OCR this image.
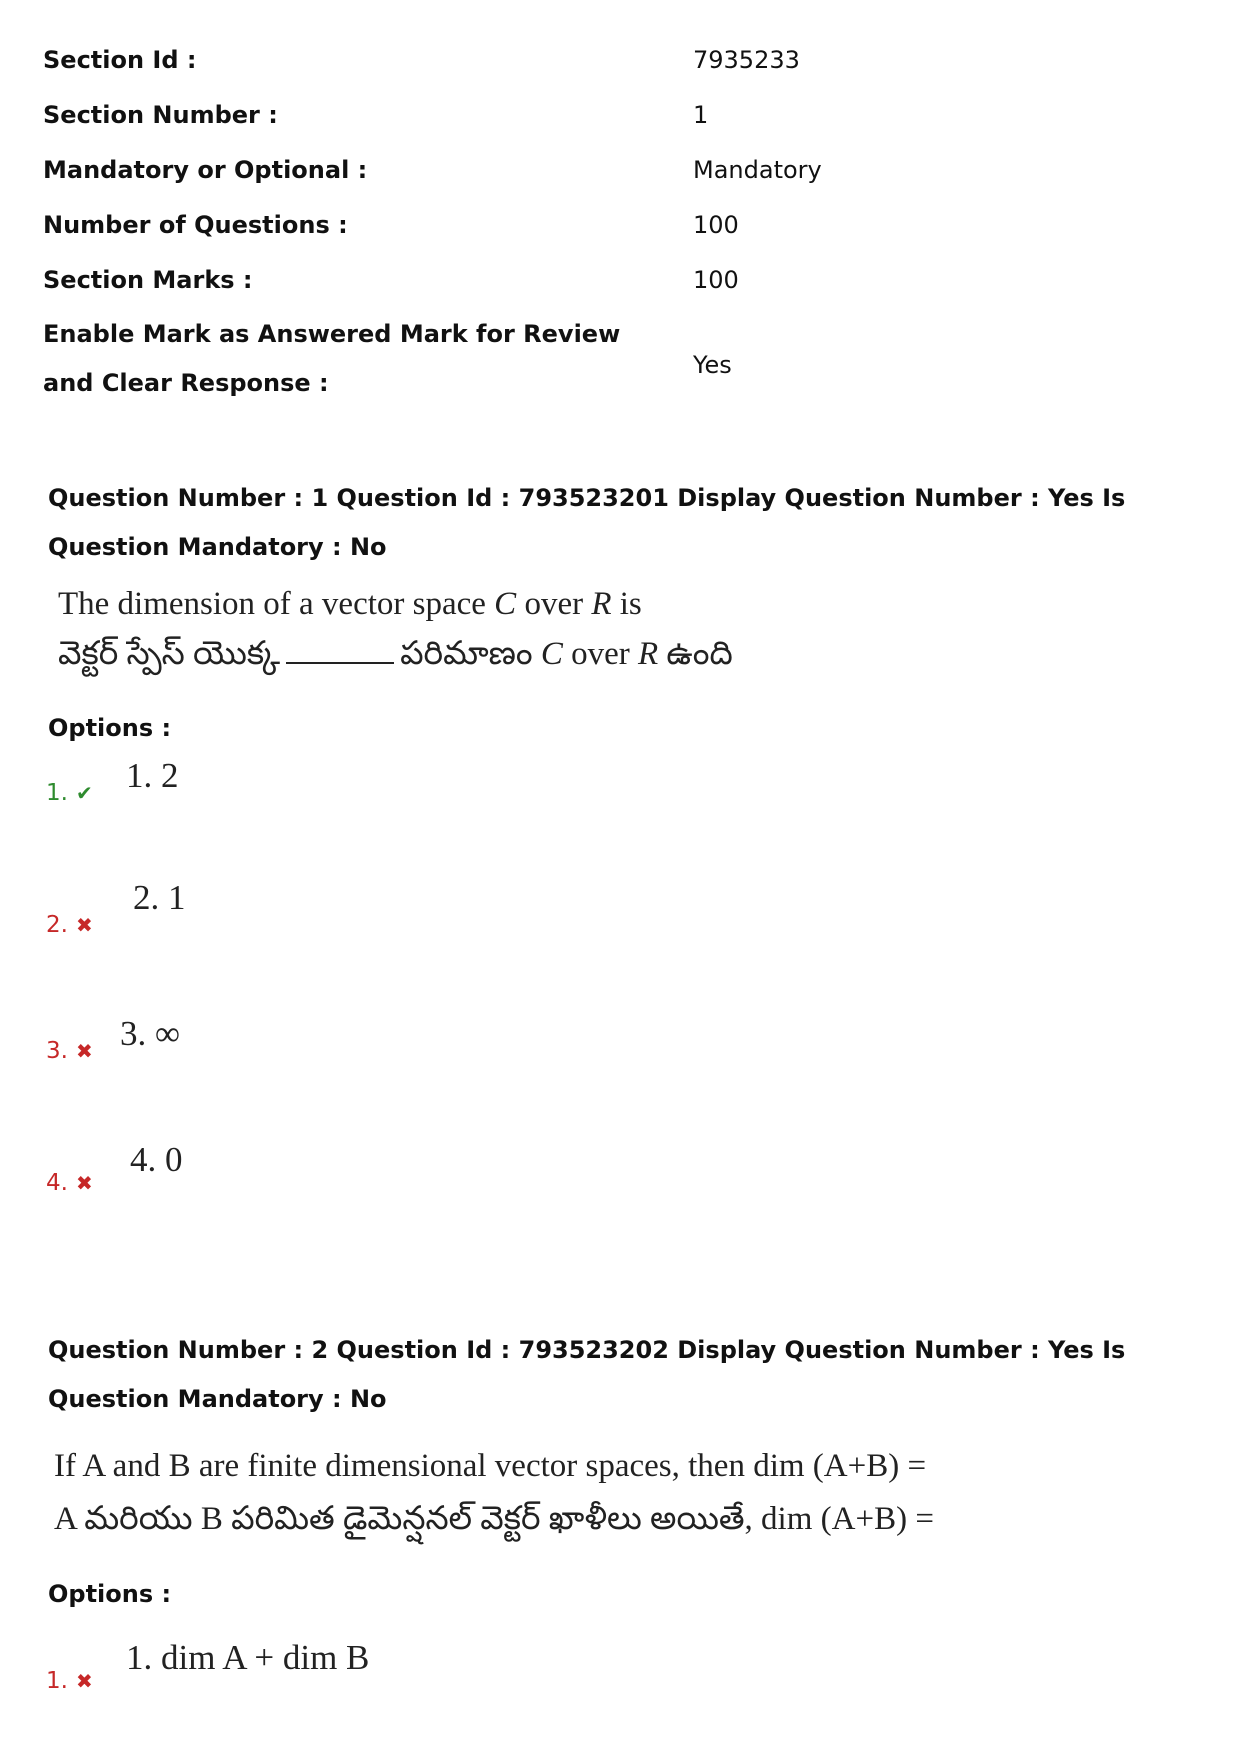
Section Id :	7935233
Section Number :	1
Mandatory or Optional :	Mandatory
Number of Questions :	100
Section Marks :	100
Enable Mark as Answered Mark for Review and Clear Response :
Yes
Question Number : 1 Question Id : 793523201 Display Question Number : Yes Is Question Mandatory : No
The dimension of a vector space C over R is
వెక్టర్ స్పేస్ యొక్క	పరిమాణం C over R ఉంది
Options :
1. ✔ 1. 2
2. ✖
2. 1
3. ✖ 3. ∞
4. ✖
4. 0
Question Number : 2 Question Id : 793523202 Display Question Number : Yes Is Question Mandatory : No
If A and B are finite dimensional vector spaces, then dim (A+B) =
A మరియు B పరిమిత డైమెన్షనల్ వెక్టర్ ఖాళీలు అయితే, dim (A+B) =
Options :
1. ✖
1. dim A + dim B
